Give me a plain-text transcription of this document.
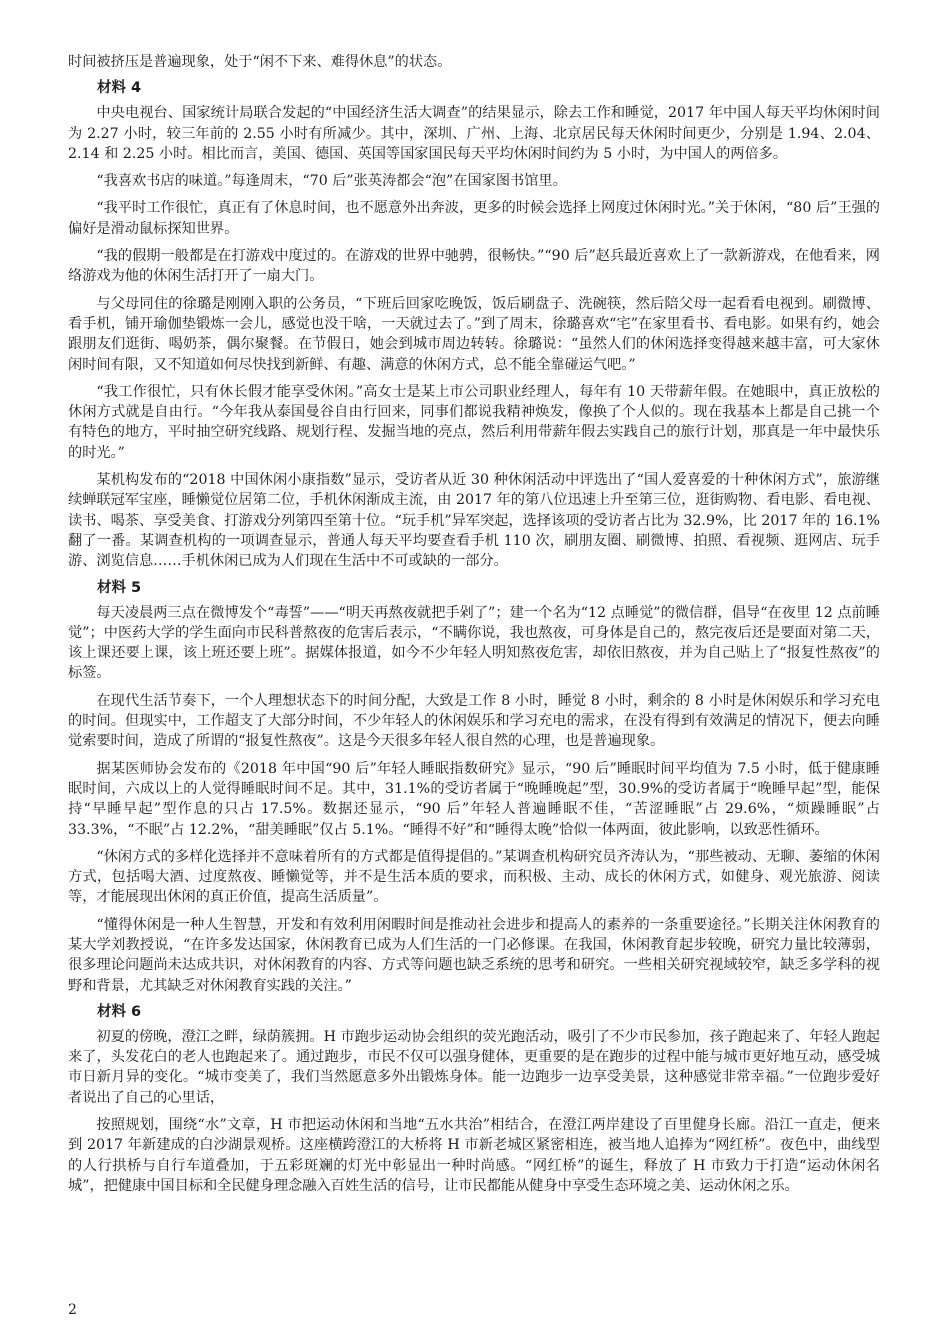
时间被挤压是普遍现象，处于“闲不下来、难得休息”的状态。

材料 4

中央电视台、国家统计局联合发起的“中国经济生活大调查”的结果显示，除去工作和睡觉，2017 年中国人每天平均休闲时间为 2.27 小时，较三年前的 2.55 小时有所减少。其中，深圳、广州、上海、北京居民每天休闲时间更少，分别是 1.94、2.04、2.14 和 2.25 小时。相比而言，美国、德国、英国等国家国民每天平均休闲时间约为 5 小时，为中国人的两倍多。

“我喜欢书店的味道。”每逢周末，“70 后”张英涛都会“泡”在国家图书馆里。

“我平时工作很忙，真正有了休息时间，也不愿意外出奔波，更多的时候会选择上网度过休闲时光。”关于休闲，“80 后”王强的偏好是滑动鼠标探知世界。

“我的假期一般都是在打游戏中度过的。在游戏的世界中驰骋，很畅快。”“90 后”赵兵最近喜欢上了一款新游戏，在他看来，网络游戏为他的休闲生活打开了一扇大门。

与父母同住的徐璐是刚刚入职的公务员，“下班后回家吃晚饭，饭后刷盘子、洗碗筷，然后陪父母一起看看电视到。刷微博、看手机，铺开瑜伽垫锻炼一会儿，感觉也没干啥，一天就过去了。”到了周末，徐璐喜欢“宅”在家里看书、看电影。如果有约，她会跟朋友们逛街、喝奶茶，偶尔聚餐。在节假日，她会到城市周边转转。徐璐说：“虽然人们的休闲选择变得越来越丰富，可大家休闲时间有限，又不知道如何尽快找到新鲜、有趣、满意的休闲方式，总不能全靠碰运气吧。”

“我工作很忙，只有休长假才能享受休闲。”高女士是某上市公司职业经理人，每年有 10 天带薪年假。在她眼中，真正放松的休闲方式就是自由行。“今年我从泰国曼谷自由行回来，同事们都说我精神焕发，像换了个人似的。现在我基本上都是自己挑一个有特色的地方，平时抽空研究线路、规划行程、发掘当地的亮点，然后利用带薪年假去实践自己的旅行计划，那真是一年中最快乐的时光。”

某机构发布的“2018 中国休闲小康指数”显示，受访者从近 30 种休闲活动中评选出了“国人爱喜爱的十种休闲方式”，旅游继续蝉联冠军宝座，睡懒觉位居第二位，手机休闲渐成主流，由 2017 年的第八位迅速上升至第三位，逛街购物、看电影、看电视、读书、喝茶、享受美食、打游戏分列第四至第十位。“玩手机”异军突起，选择该项的受访者占比为 32.9%，比 2017 年的 16.1%翻了一番。某调查机构的一项调查显示，普通人每天平均要查看手机 110 次，刷朋友圈、刷微博、拍照、看视频、逛网店、玩手游、浏览信息……手机休闲已成为人们现在生活中不可或缺的一部分。

材料 5

每天凌晨两三点在微博发个“毒誓”——“明天再熬夜就把手剁了”；建一个名为“12 点睡觉”的微信群，倡导“在夜里 12 点前睡觉”；中医药大学的学生面向市民科普熬夜的危害后表示，“不瞒你说，我也熬夜，可身体是自己的，熬完夜后还是要面对第二天，该上课还要上课，该上班还要上班”。据媒体报道，如今不少年轻人明知熬夜危害，却依旧熬夜，并为自己贴上了“报复性熬夜”的标签。

在现代生活节奏下，一个人理想状态下的时间分配，大致是工作 8 小时，睡觉 8 小时，剩余的 8 小时是休闲娱乐和学习充电的时间。但现实中，工作超支了大部分时间，不少年轻人的休闲娱乐和学习充电的需求，在没有得到有效满足的情况下，便去向睡觉索要时间，造成了所谓的“报复性熬夜”。这是今天很多年轻人很自然的心理，也是普遍现象。

据某医师协会发布的《2018 年中国“90 后”年轻人睡眠指数研究》显示，“90 后”睡眠时间平均值为 7.5 小时，低于健康睡眠时间，六成以上的人觉得睡眠时间不足。其中，31.1%的受访者属于“晚睡晚起”型，30.9%的受访者属于“晚睡早起”型，能保持“早睡早起”型作息的只占 17.5%。数据还显示，“90 后”年轻人普遍睡眠不佳，“苦涩睡眠”占 29.6%，“烦躁睡眠”占 33.3%，“不眠”占 12.2%，“甜美睡眠”仅占 5.1%。“睡得不好”和“睡得太晚”恰似一体两面，彼此影响，以致恶性循环。

“休闲方式的多样化选择并不意味着所有的方式都是值得提倡的。”某调查机构研究员齐涛认为，“那些被动、无聊、萎缩的休闲方式，包括喝大酒、过度熬夜、睡懒觉等，并不是生活本质的要求，而积极、主动、成长的休闲方式，如健身、观光旅游、阅读等，才能展现出休闲的真正价值，提高生活质量”。

“懂得休闲是一种人生智慧，开发和有效利用闲暇时间是推动社会进步和提高人的素养的一条重要途径。”长期关注休闲教育的某大学刘教授说，“在许多发达国家，休闲教育已成为人们生活的一门必修课。在我国，休闲教育起步较晚，研究力量比较薄弱，很多理论问题尚未达成共识，对休闲教育的内容、方式等问题也缺乏系统的思考和研究。一些相关研究视域较窄，缺乏多学科的视野和背景，尤其缺乏对休闲教育实践的关注。”

材料 6

初夏的傍晚，澄江之畔，绿荫簇拥。H 市跑步运动协会组织的荧光跑活动，吸引了不少市民参加，孩子跑起来了、年轻人跑起来了，头发花白的老人也跑起来了。通过跑步，市民不仅可以强身健体，更重要的是在跑步的过程中能与城市更好地互动，感受城市日新月异的变化。“城市变美了，我们当然愿意多外出锻炼身体。能一边跑步一边享受美景，这种感觉非常幸福。”一位跑步爱好者说出了自己的心里话，

按照规划，围绕“水”文章，H 市把运动休闲和当地“五水共治”相结合，在澄江两岸建设了百里健身长廊。沿江一直走，便来到 2017 年新建成的白沙湖景观桥。这座横跨澄江的大桥将 H 市新老城区紧密相连，被当地人追捧为“网红桥”。夜色中，曲线型的人行拱桥与自行车道叠加，于五彩斑斓的灯光中彰显出一种时尚感。“网红桥”的诞生，释放了 H 市致力于打造“运动休闲名城”，把健康中国目标和全民健身理念融入百姓生活的信号，让市民都能从健身中享受生态环境之美、运动休闲之乐。

2
